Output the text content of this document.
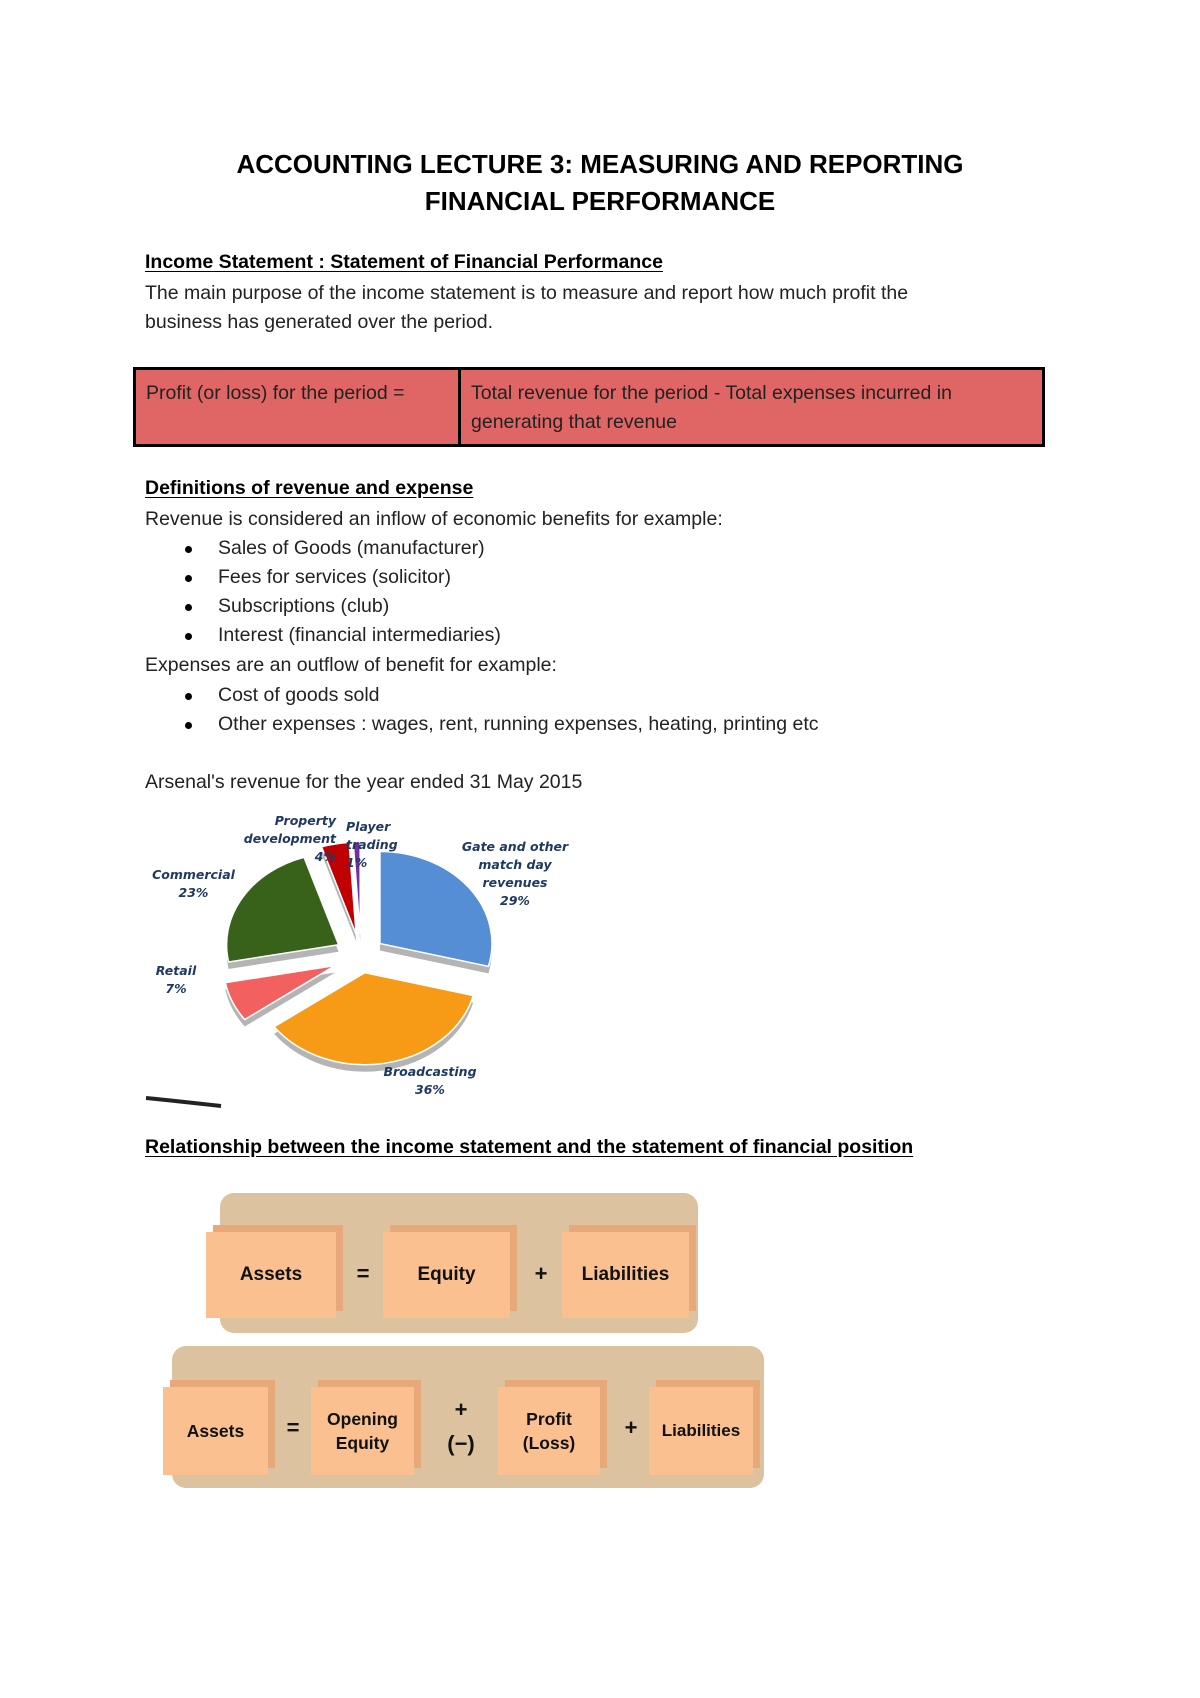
ACCOUNTING LECTURE 3: MEASURING AND REPORTING
FINANCIAL PERFORMANCE
Income Statement : Statement of Financial Performance
The main purpose of the income statement is to measure and report how much profit the
business has generated over the period.
Profit (or loss) for the period =	Total revenue for the period - Total expenses incurred in
generating that revenue
Definitions of revenue and expense
Revenue is considered an inflow of economic benefits for example:
Sales of Goods (manufacturer)
Fees for services (solicitor)
Subscriptions (club)
Interest (financial intermediaries)
Expenses are an outflow of benefit for example:
Cost of goods sold
Other expenses : wages, rent, running expenses, heating, printing etc
Arsenal's revenue for the year ended 31 May 2015
Gate and other match day revenues
29%
Broadcasting
36%
Retail
7%
Commercial
23%
Property development
4%
Player trading
1%
Relationship between the income statement and the statement of financial position
Assets	=	Equity	+	Liabilities
Assets	=	Opening
Equity
+
(−)
Profit
(Loss)
+	Liabilities
